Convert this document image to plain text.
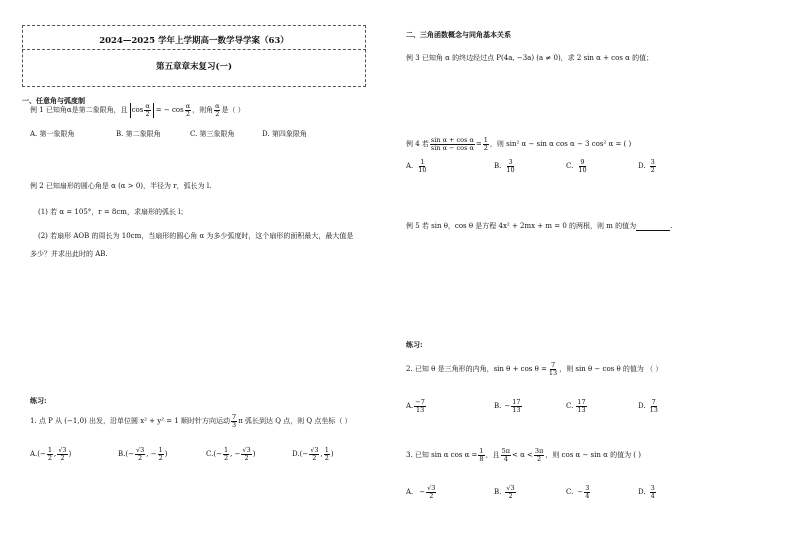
2024—2025 学年上学期高一数学导学案（63）
第五章章末复习(一)
一、任意角与弧度制
例 1 已知角 α 是第二象限角，且 $\cos \frac{\alpha}{2}$ = − $\cos \frac{\alpha}{2}$ ，则角 $\frac{\alpha}{2}$ 是（ ）
A. 第一象限角	B. 第二象限角	C. 第三象限角	D. 第四象限角
例 2 已知扇形的圆心角是 α (α > 0)，半径为 r，弧长为 l.
(1) 若 α = 105°，r = 8cm，求扇形的弧长 l；
(2) 若扇形 AOB 的周长为 10cm，当扇形的圆心角 α 为多少弧度时，这个扇形的面积最大，最大值是
多少？并求出此时的 AB.
练习:
1. 点 P 从 (−1,0) 出发，沿单位圆 x² + y² = 1 顺时针方向运动 $\frac{7}{3}$ π 弧长到达 Q 点，则 Q 点坐标（ ）
A. (− $\frac{1}{2}$ , $\frac{√3}{2}$ )	B. (− $\frac{√3}{2}$ , − $\frac{1}{2}$ )	C. (− $\frac{1}{2}$ , − $\frac{√3}{2}$ )	D. (− $\frac{√3}{2}$ , $\frac{1}{2}$ )
二、三角函数概念与同角基本关系
例 3 已知角 α 的终边经过点 P(4a, −3a) (a ≠ 0)，求 2 sin α + cos α 的值；
例 4 若 $\frac{\text{sin α + cos α}}{\text{sin α − cos α}} = \frac{1}{2}$ ，则 sin² α − sin α cos α − 3 cos² α = ( )
A. $\frac{1}{10}$	B. $\frac{3}{10}$	C. $\frac{9}{10}$	D. $\frac{3}{2}$
例 5 若 sin θ，cos θ 是方程 4x² + 2mx + m = 0 的两根，则 m 的值为	.
练习:
2. 已知 θ 是三角形的内角，$\sin \theta + \cos \theta = \frac{7}{13}$ ，则 sin θ − cos θ 的值为 （ ）
A. $\frac{-7}{13}$	B. − $\frac{17}{13}$	C. $\frac{17}{13}$	D. $\frac{7}{13}$
3. 已知 sin α $\cos \alpha = \frac{1}{8}$ ，且 $\frac{5\pi}{4} < \alpha < \frac{3\pi}{2}$ ，则 cos α − sin α 的值为 ( )
A. − $\frac{√3}{2}$	B. $\frac{√3}{2}$	C. − $\frac{3}{4}$	D. $\frac{3}{4}$
